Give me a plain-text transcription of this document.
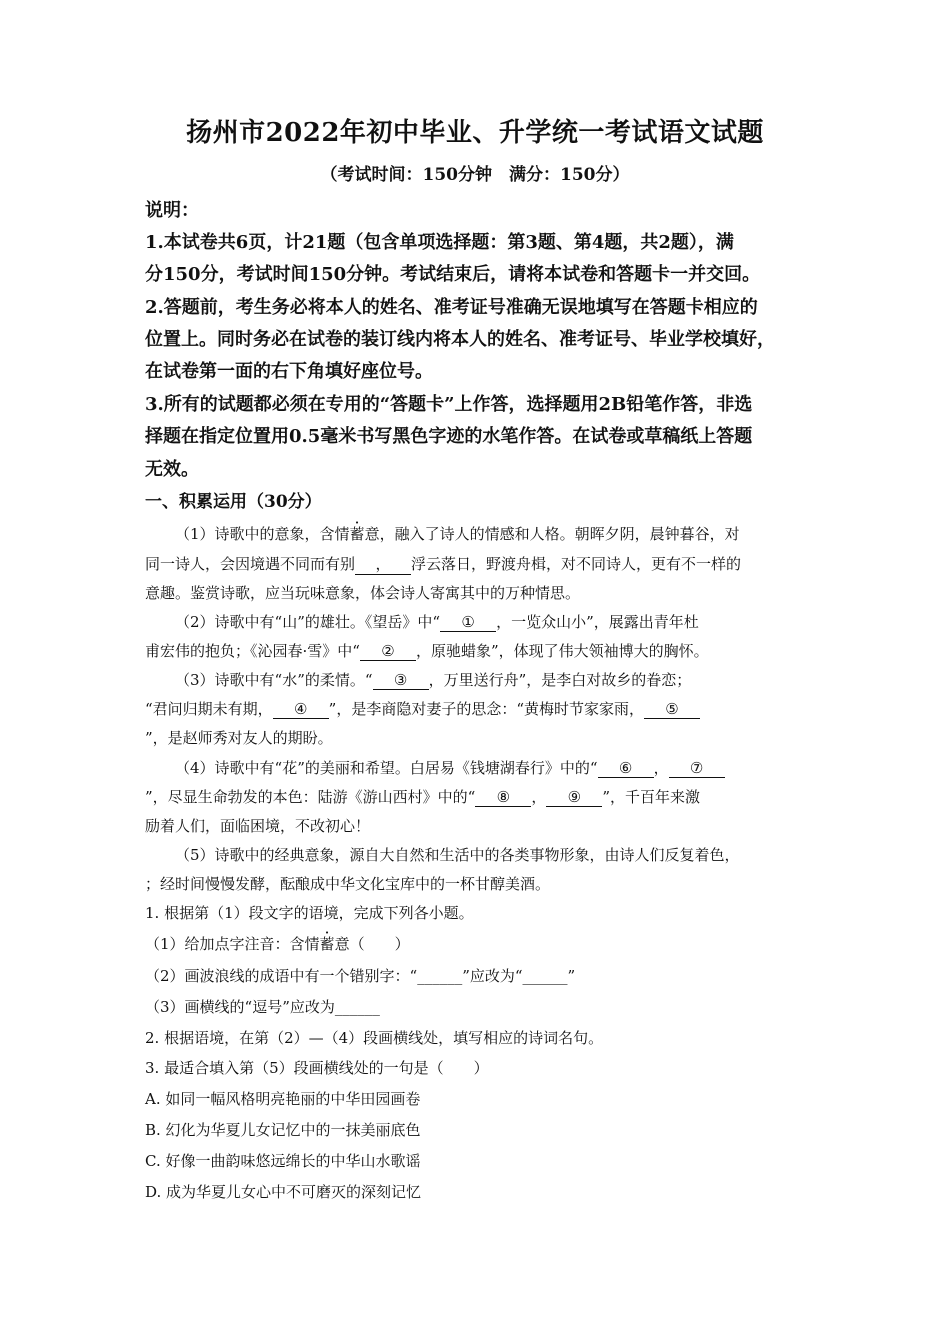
扬州市2022年初中毕业、升学统一考试语文试题
（考试时间：150分钟　满分：150分）
说明：
1.本试卷共6页，计21题（包含单项选择题：第3题、第4题，共2题），满
分150分，考试时间150分钟。考试结束后，请将本试卷和答题卡一并交回。
2.答题前，考生务必将本人的姓名、准考证号准确无误地填写在答题卡相应的
位置上。同时务必在试卷的装订线内将本人的姓名、准考证号、毕业学校填好，
在试卷第一面的右下角填好座位号。
3.所有的试题都必须在专用的“答题卡”上作答，选择题用2B铅笔作答，非选
择题在指定位置用0.5毫米书写黑色字迹的水笔作答。在试卷或草稿纸上答题
无效。
一、积累运用（30分）
（1）诗歌中的意象，含情蓄意，融入了诗人的情感和人格。朝晖夕阴，晨钟暮谷，对
同一诗人，会因境遇不同而有别 ， 浮云落日，野渡舟楫，对不同诗人，更有不一样的
意趣。鉴赏诗歌，应当玩味意象，体会诗人寄寓其中的万种情思。
（2）诗歌中有“山”的雄壮。《望岳》中“ ① ，一览众山小”，展露出青年杜
甫宏伟的抱负；《沁园春·雪》中“ ② ，原驰蜡象”，体现了伟大领袖博大的胸怀。
（3）诗歌中有“水”的柔情。“ ③ ，万里送行舟”，是李白对故乡的眷恋；
“君问归期未有期， ④ ”，是李商隐对妻子的思念：“黄梅时节家家雨， ⑤
”，是赵师秀对友人的期盼。
（4）诗歌中有“花”的美丽和希望。白居易《钱塘湖春行》中的“ ⑥ ， ⑦
”，尽显生命勃发的本色：陆游《游山西村》中的“ ⑧ ， ⑨ ”，千百年来激
励着人们，面临困境，不改初心！
（5）诗歌中的经典意象，源自大自然和生活中的各类事物形象，由诗人们反复着色，
；经时间慢慢发酵，酝酿成中华文化宝库中的一杯甘醇美酒。
1. 根据第（1）段文字的语境，完成下列各小题。
（1）给加点字注音：含情蓄意（　　）
（2）画波浪线的成语中有一个错别字：“______”应改为“______”
（3）画横线的“逗号”应改为______
2. 根据语境，在第（2）—（4）段画横线处，填写相应的诗词名句。
3. 最适合填入第（5）段画横线处的一句是（　　）
A. 如同一幅风格明亮艳丽的中华田园画卷
B. 幻化为华夏儿女记忆中的一抹美丽底色
C. 好像一曲韵味悠远绵长的中华山水歌谣
D. 成为华夏儿女心中不可磨灭的深刻记忆
